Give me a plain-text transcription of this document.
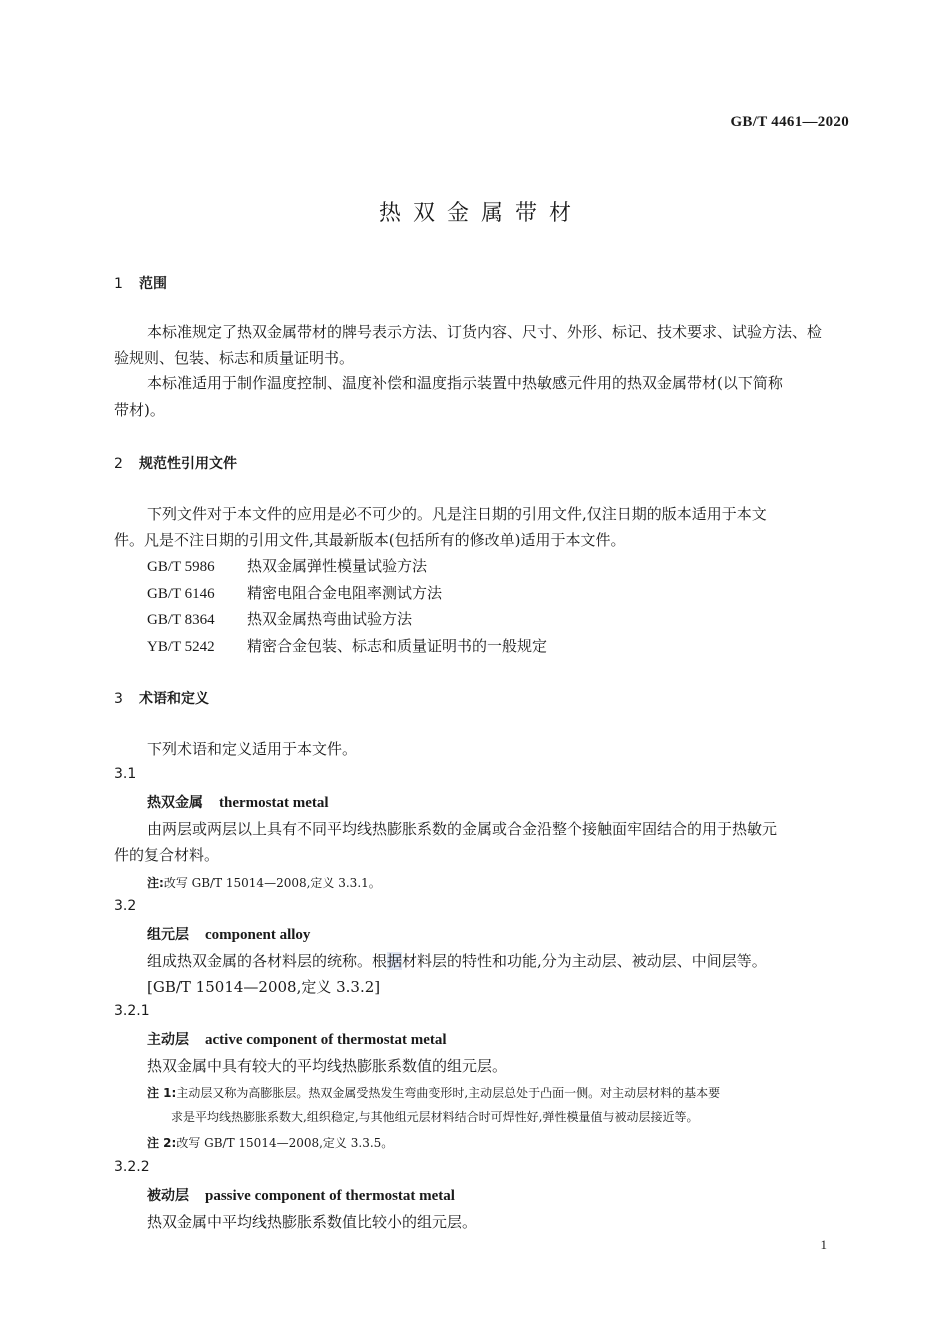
GB/T 4461—2020
热双金属带材
1 范围
本标准规定了热双金属带材的牌号表示方法、订货内容、尺寸、外形、标记、技术要求、试验方法、检
验规则、包装、标志和质量证明书。
本标准适用于制作温度控制、温度补偿和温度指示装置中热敏感元件用的热双金属带材(以下简称
带材)。
2 规范性引用文件
下列文件对于本文件的应用是必不可少的。凡是注日期的引用文件,仅注日期的版本适用于本文
件。凡是不注日期的引用文件,其最新版本(包括所有的修改单)适用于本文件。
GB/T 5986 热双金属弹性模量试验方法
GB/T 6146 精密电阻合金电阻率测试方法
GB/T 8364 热双金属热弯曲试验方法
YB/T 5242 精密合金包装、标志和质量证明书的一般规定
3 术语和定义
下列术语和定义适用于本文件。
3.1
热双金属 thermostat metal
由两层或两层以上具有不同平均线热膨胀系数的金属或合金沿整个接触面牢固结合的用于热敏元
件的复合材料。
注:改写 GB/T 15014—2008,定义 3.3.1。
3.2
组元层 component alloy
组成热双金属的各材料层的统称。根据材料层的特性和功能,分为主动层、被动层、中间层等。
[GB/T 15014—2008,定义 3.3.2]
3.2.1
主动层 active component of thermostat metal
热双金属中具有较大的平均线热膨胀系数值的组元层。
注 1:主动层又称为高膨胀层。热双金属受热发生弯曲变形时,主动层总处于凸面一侧。对主动层材料的基本要
求是平均线热膨胀系数大,组织稳定,与其他组元层材料结合时可焊性好,弹性模量值与被动层接近等。
注 2:改写 GB/T 15014—2008,定义 3.3.5。
3.2.2
被动层 passive component of thermostat metal
热双金属中平均线热膨胀系数值比较小的组元层。
1
